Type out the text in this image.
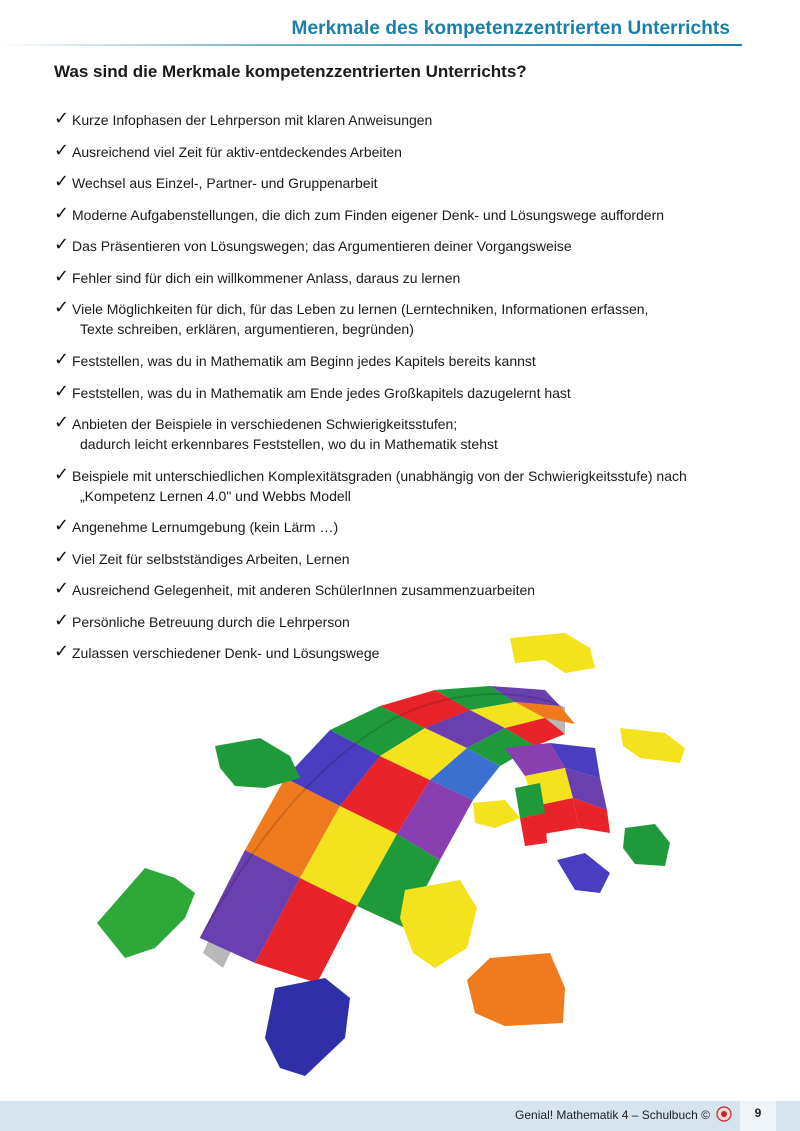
Merkmale des kompetenzzentrierten Unterrichts
Was sind die Merkmale kompetenzzentrierten Unterrichts?
✓ Kurze Infophasen der Lehrperson mit klaren Anweisungen
✓ Ausreichend viel Zeit für aktiv-entdeckendes Arbeiten
✓ Wechsel aus Einzel-, Partner- und Gruppenarbeit
✓ Moderne Aufgabenstellungen, die dich zum Finden eigener Denk- und Lösungswege auffordern
✓ Das Präsentieren von Lösungswegen; das Argumentieren deiner Vorgangsweise
✓ Fehler sind für dich ein willkommener Anlass, daraus zu lernen
✓ Viele Möglichkeiten für dich, für das Leben zu lernen (Lerntechniken, Informationen erfassen,
Texte schreiben, erklären, argumentieren, begründen)
✓ Feststellen, was du in Mathematik am Beginn jedes Kapitels bereits kannst
✓ Feststellen, was du in Mathematik am Ende jedes Großkapitels dazugelernt hast
✓ Anbieten der Beispiele in verschiedenen Schwierigkeitsstufen;
dadurch leicht erkennbares Feststellen, wo du in Mathematik stehst
✓ Beispiele mit unterschiedlichen Komplexitätsgraden (unabhängig von der Schwierigkeitsstufe) nach
„Kompetenz Lernen 4.0" und Webbs Modell
✓ Angenehme Lernumgebung (kein Lärm …)
✓ Viel Zeit für selbstständiges Arbeiten, Lernen
✓ Ausreichend Gelegenheit, mit anderen SchülerInnen zusammenzuarbeiten
✓ Persönliche Betreuung durch die Lehrperson
✓ Zulassen verschiedener Denk- und Lösungswege
Genial! Mathematik 4 – Schulbuch ©	9
